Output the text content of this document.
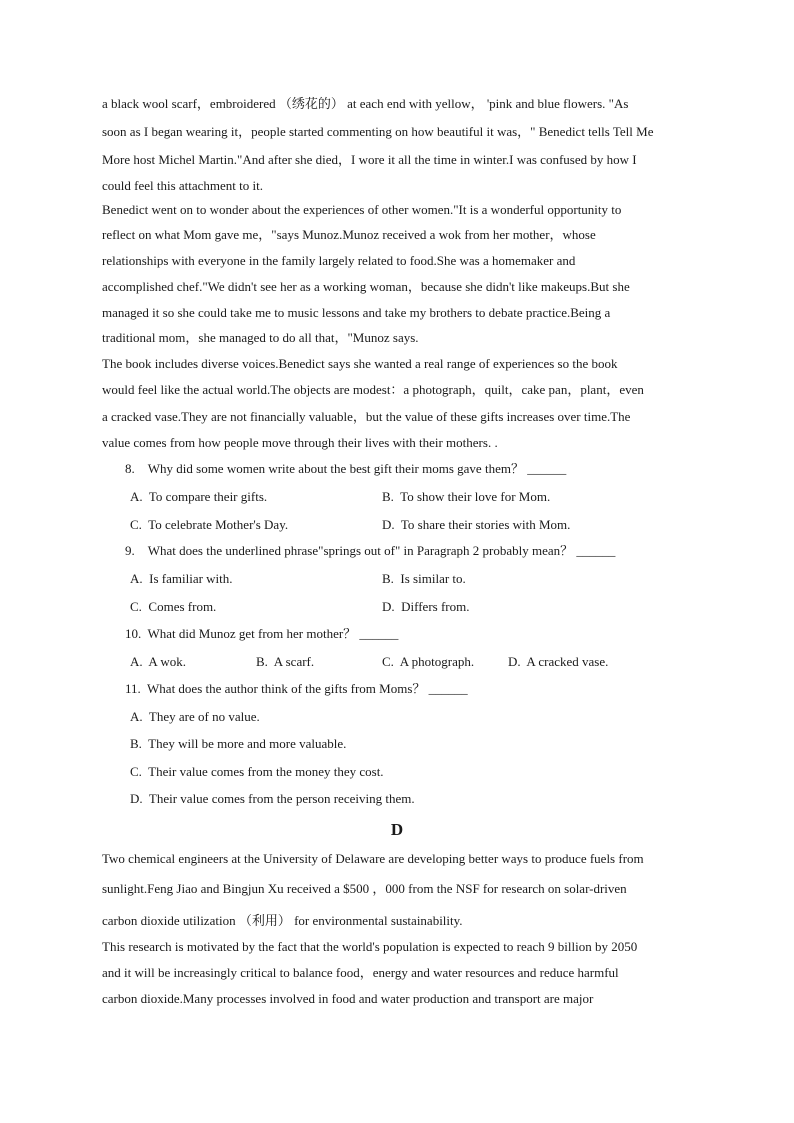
a black wool scarf，embroidered （绣花的） at each end with yellow， 'pink and blue flowers. "As
soon as I began wearing it，people started commenting on how beautiful it was，" Benedict tells Tell Me
More host Michel Martin."And after she died，I wore it all the time in winter.I was confused by how I
could feel this attachment to it.
Benedict went on to wonder about the experiences of other women."It is a wonderful opportunity to
reflect on what Mom gave me，"says Munoz.Munoz received a wok from her mother，whose
relationships with everyone in the family largely related to food.She was a homemaker and
accomplished chef."We didn't see her as a working woman，because she didn't like makeups.But she
managed it so she could take me to music lessons and take my brothers to debate practice.Being a
traditional mom，she managed to do all that，"Munoz says.
The book includes diverse voices.Benedict says she wanted a real range of experiences so the book
would feel like the actual world.The objects are modest：a photograph，quilt，cake pan，plant，even
a cracked vase.They are not financially valuable，but the value of these gifts increases over time.The
value comes from how people move through their lives with their mothers. .
8. Why did some women write about the best gift their moms gave them？ ______
A.  To compare their gifts.	B.  To show their love for Mom.
C.  To celebrate Mother's Day.	D.  To share their stories with Mom.
9. What does the underlined phrase"springs out of" in Paragraph 2 probably mean？ ______
A.  Is familiar with.	B.  Is similar to.
C.  Comes from.	D.  Differs from.
10.  What did Munoz get from her mother？ ______
A.  A wok.	B.  A scarf.	C.  A photograph.	D.  A cracked vase.
11.  What does the author think of the gifts from Moms？ ______
A.  They are of no value.
B.  They will be more and more valuable.
C.  Their value comes from the money they cost.
D.  Their value comes from the person receiving them.
D
Two chemical engineers at the University of Delaware are developing better ways to produce fuels from
sunlight.Feng Jiao and Bingjun Xu received a $500 ，000 from the NSF for research on solar-driven
carbon dioxide utilization （利用） for environmental sustainability.
This research is motivated by the fact that the world's population is expected to reach 9 billion by 2050
and it will be increasingly critical to balance food，energy and water resources and reduce harmful
carbon dioxide.Many processes involved in food and water production and transport are major
